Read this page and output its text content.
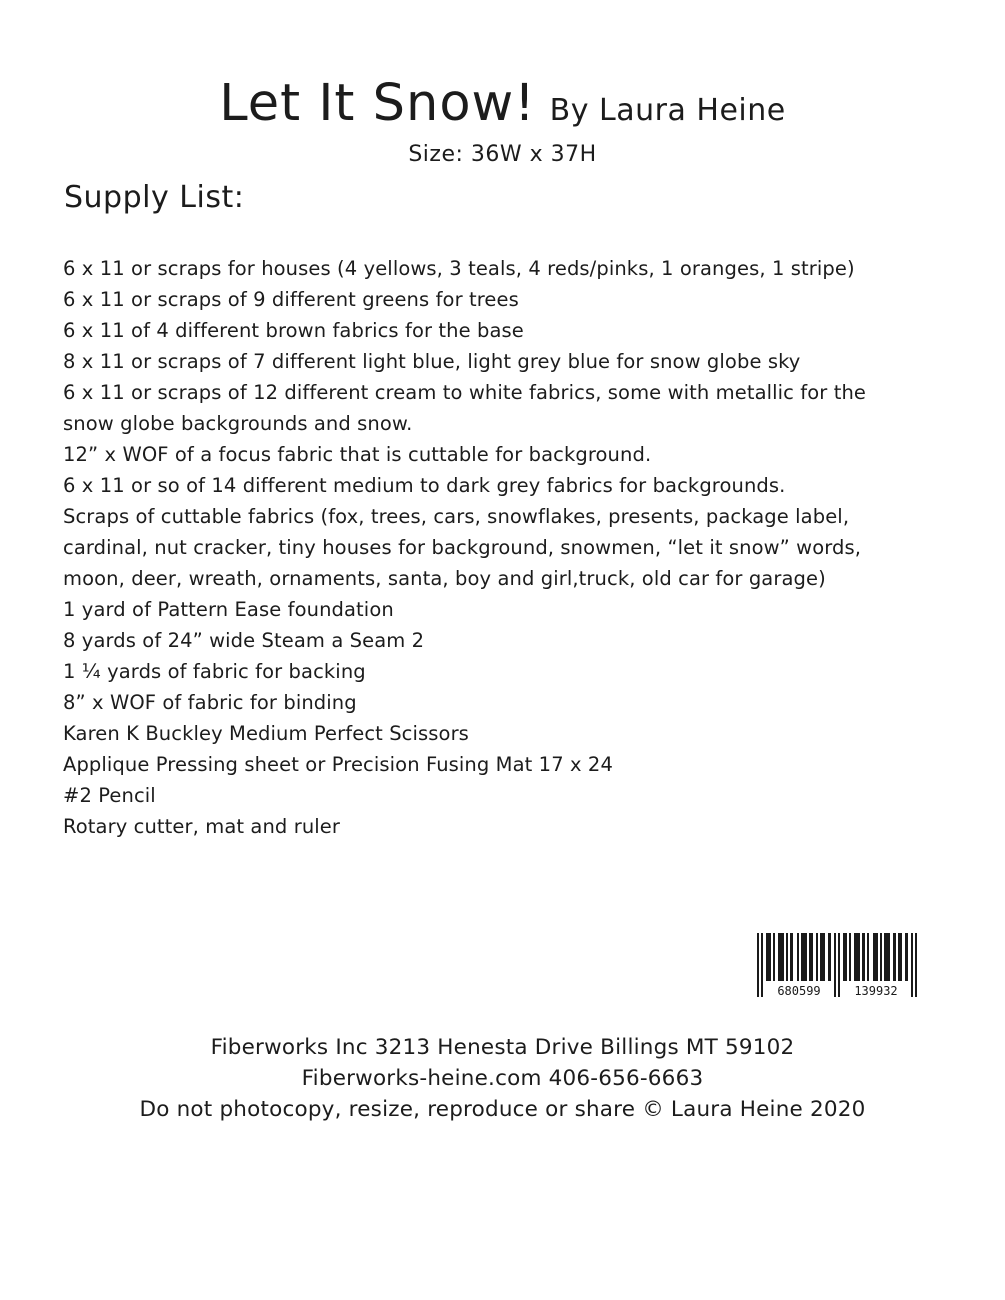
Let It Snow! By Laura Heine
Size: 36W x 37H
Supply List:

6 x 11 or scraps for houses (4 yellows, 3 teals, 4 reds/pinks, 1 oranges, 1 stripe)

6 x 11 or scraps of 9 different greens for trees

6 x 11 of 4 different brown fabrics for the base

8 x 11 or scraps of 7 different light blue, light grey blue for snow globe sky

6 x 11 or scraps of 12 different cream to white fabrics, some with metallic for the snow globe backgrounds and snow.

12” x WOF of a focus fabric that is cuttable for background.

6 x 11 or so of 14 different medium to dark grey fabrics for backgrounds.

Scraps of cuttable fabrics (fox, trees, cars, snowflakes, presents, package label, cardinal, nut cracker, tiny houses for background, snowmen, “let it snow” words, moon, deer, wreath, ornaments, santa, boy and girl,truck, old car for garage)

1 yard of Pattern Ease foundation

8 yards of 24” wide Steam a Seam 2

1 ¼ yards of fabric for backing

8” x WOF of fabric for binding

Karen K Buckley Medium Perfect Scissors

Applique Pressing sheet or Precision Fusing Mat 17 x 24

#2 Pencil

Rotary cutter, mat and ruler

680599	139932

Fiberworks Inc 3213 Henesta Drive Billings MT 59102

Fiberworks-heine.com 406-656-6663

Do not photocopy, resize, reproduce or share © Laura Heine 2020
